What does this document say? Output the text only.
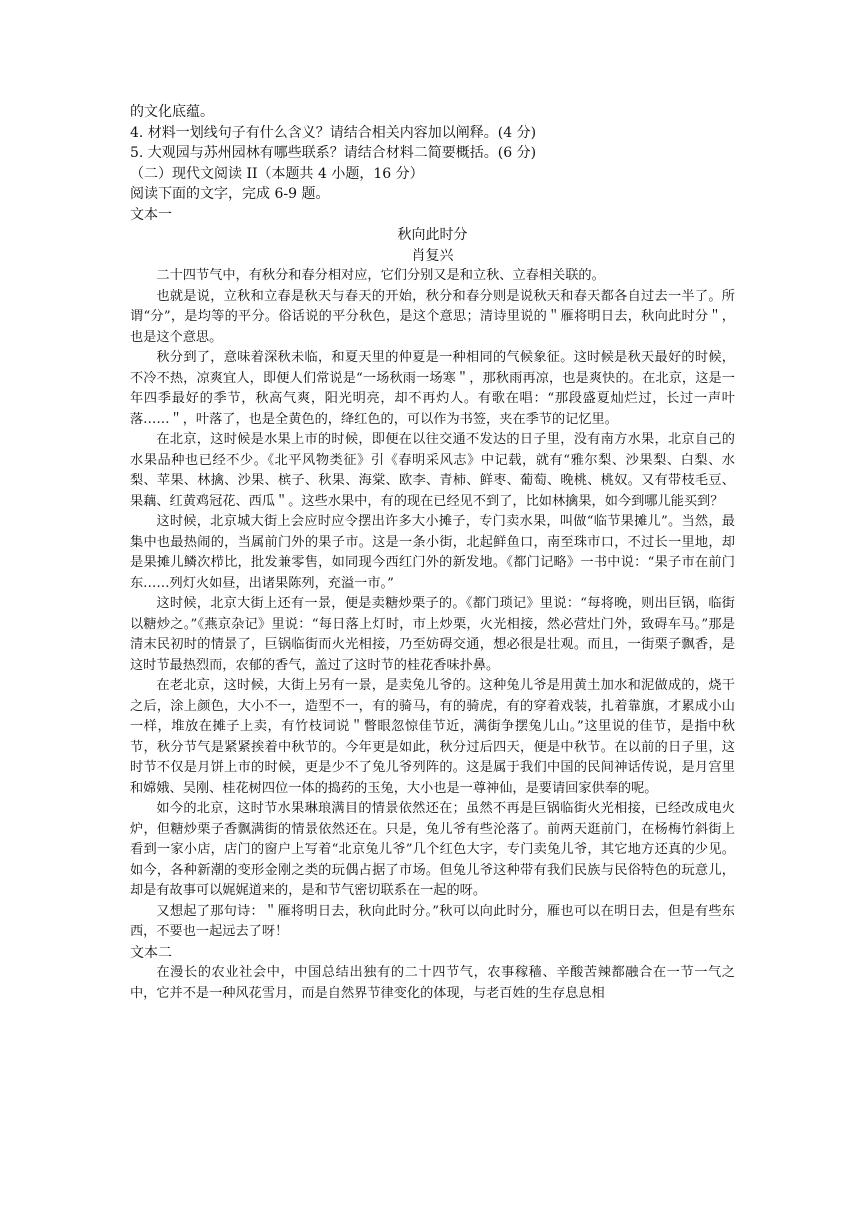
的文化底蕴。
4. 材料一划线句子有什么含义？请结合相关内容加以阐释。(4 分)
5. 大观园与苏州园林有哪些联系？请结合材料二简要概括。(6 分)
（二）现代文阅读 II（本题共 4 小题，16 分）
阅读下面的文字，完成 6-9 题。
文本一
秋向此时分
肖复兴

二十四节气中，有秋分和春分相对应，它们分别又是和立秋、立春相关联的。

也就是说，立秋和立春是秋天与春天的开始，秋分和春分则是说秋天和春天都各自过去一半了。所谓“分”，是均等的平分。俗话说的平分秋色，是这个意思；清诗里说的＂雁将明日去，秋向此时分＂，也是这个意思。

秋分到了，意味着深秋未临，和夏天里的仲夏是一种相同的气候象征。这时候是秋天最好的时候，不冷不热，凉爽宜人，即便人们常说是“一场秋雨一场寒＂，那秋雨再凉，也是爽快的。在北京，这是一年四季最好的季节，秋高气爽，阳光明亮，却不再灼人。有歌在唱：“那段盛夏灿烂过，长过一声叶落……＂，叶落了，也是全黄色的，绛红色的，可以作为书签，夹在季节的记忆里。

在北京，这时候是水果上市的时候，即便在以往交通不发达的日子里，没有南方水果，北京自己的水果品种也已经不少。《北平风物类征》引《春明采风志》中记载，就有“雅尔梨、沙果梨、白梨、水梨、苹果、林擒、沙果、槟子、秋果、海棠、欧李、青柿、鲜枣、葡萄、晚桃、桃奴。又有带枝毛豆、果藕、红黄鸡冠花、西瓜＂。这些水果中，有的现在已经见不到了，比如林擒果，如今到哪儿能买到？

这时候，北京城大街上会应时应令摆出许多大小摊子，专门卖水果，叫做“临节果摊儿”。当然，最集中也最热闹的，当属前门外的果子市。这是一条小街，北起鲜鱼口，南至珠市口，不过长一里地，却是果摊儿鳞次栉比，批发兼零售，如同现今西红门外的新发地。《都门记略》一书中说：“果子市在前门东……列灯火如昼，出诸果陈列，充溢一市。”

这时候，北京大街上还有一景，便是卖糖炒栗子的。《都门琐记》里说：“每将晚，则出巨锅，临街以糖炒之。”《燕京杂记》里说：“每日落上灯时，市上炒栗，火光相接，然必营灶门外，致碍车马。”那是清末民初时的情景了，巨锅临街而火光相接，乃至妨碍交通，想必很是壮观。而且，一街栗子飘香，是这时节最热烈而，农郁的香气，盖过了这时节的桂花香味扑鼻。

在老北京，这时候，大街上另有一景，是卖兔儿爷的。这种兔儿爷是用黄土加水和泥做成的，烧干之后，涂上颜色，大小不一，造型不一，有的骑马，有的骑虎，有的穿着戏装，扎着靠旗，才累成小山一样，堆放在摊子上卖，有竹枝词说＂瞥眼忽惊佳节近，满街争摆兔儿山。”这里说的佳节，是指中秋节，秋分节气是紧紧挨着中秋节的。今年更是如此，秋分过后四天，便是中秋节。在以前的日子里，这时节不仅是月饼上市的时候，更是少不了兔儿爷列阵的。这是属于我们中国的民间神话传说，是月宫里和嫦娥、吴刚、桂花树四位一体的捣药的玉兔，大小也是一尊神仙，是要请回家供奉的呢。

如今的北京，这时节水果琳琅满目的情景依然还在；虽然不再是巨锅临街火光相接，已经改成电火炉，但糖炒栗子香飘满街的情景依然还在。只是，兔儿爷有些沦落了。前两天逛前门，在杨梅竹斜街上看到一家小店，店门的窗户上写着“北京兔儿爷”几个红色大字，专门卖兔儿爷，其它地方还真的少见。如今，各种新潮的变形金刚之类的玩偶占据了市场。但兔儿爷这种带有我们民族与民俗特色的玩意儿，却是有故事可以娓娓道来的，是和节气密切联系在一起的呀。

又想起了那句诗：＂雁将明日去，秋向此时分。”秋可以向此时分，雁也可以在明日去，但是有些东西，不要也一起远去了呀！

文本二

在漫长的农业社会中，中国总结出独有的二十四节气，农事稼穑、辛酸苦辣都融合在一节一气之中，它并不是一种风花雪月，而是自然界节律变化的体现，与老百姓的生存息息相
